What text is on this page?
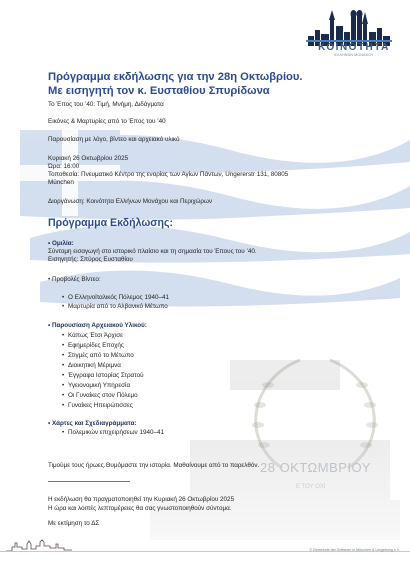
ΚΟΙΝΟΤΗΤΑ
ΕΛΛΗΝΩΝ ΜΟΝΑΧΟΥ
Πρόγραμμα εκδήλωσης για την 28η Οκτωβρίου.
Με εισηγητή τον κ. Ευσταθίου Σπυρίδωνα
Το Έπος του ’40: Τιμή, Μνήμη, Διδάγματα
Εικόνες & Μαρτυρίες από το Έπος του ’40
Παρουσίαση με λόγο, βίντεο και αρχειακό υλικό
Κυριακή 26 Οκτωβρίου 2025
Ώρα: 16:00
Τοποθεσία: Πνευματικό Κέντρο της ενορίας των Αγίων Πάντων, Ungererstr 131, 80805
München
Διοργάνωση: Κοινότητα Ελλήνων Μονάχου και Περιχώρων
Πρόγραμμα Εκδήλωσης:
• Ομιλία:
Σύντομη εισαγωγή στο ιστορικό πλαίσιο και τη σημασία του Έπους του ’40.
Εισηγητής: Σπύρος Ευσταθίου
• Προβολές Βίντεο:
• Ο Ελληνοϊταλικός Πόλεμος 1940–41
• Μαρτυρία από το Αλβανικό Μέτωπο
• Παρουσίαση Αρχειακού Υλικού:
• Κάπως Έτσι Άρχισε
• Εφημερίδες Εποχής
• Στιγμές από το Μέτωπο
• Διοικητική Μέριμνα
• Έγγραφα Ιστορίας Στρατού
• Υγειονομική Υπηρεσία
• Οι Γυναίκες στον Πόλεμο
• Γυναίκες Ηπειρώτισσες
• Χάρτες και Σχεδιαγράμματα:
• Πολεμικών επιχειρήσεων 1940–41
28 ΟΚΤΩΜΒΡΙΟΥ
Ε ΤΟΥ ΟΧΙ
Τιμούμε τους ήρωες.Θυμόμαστε την ιστορία. Μαθαίνουμε από το παρελθόν.
Η εκδήλωση θα πραγματοποιηθεί την Κυριακή 26 Οκτωβρίου 2025
Η ώρα και λοιπές λεπτομέρειες θα σας γνωστοποιηθούν σύντομα.
Με εκτίμηση το ΔΣ
© Gemeinde der Griechen in München & Umgebung e.V.
